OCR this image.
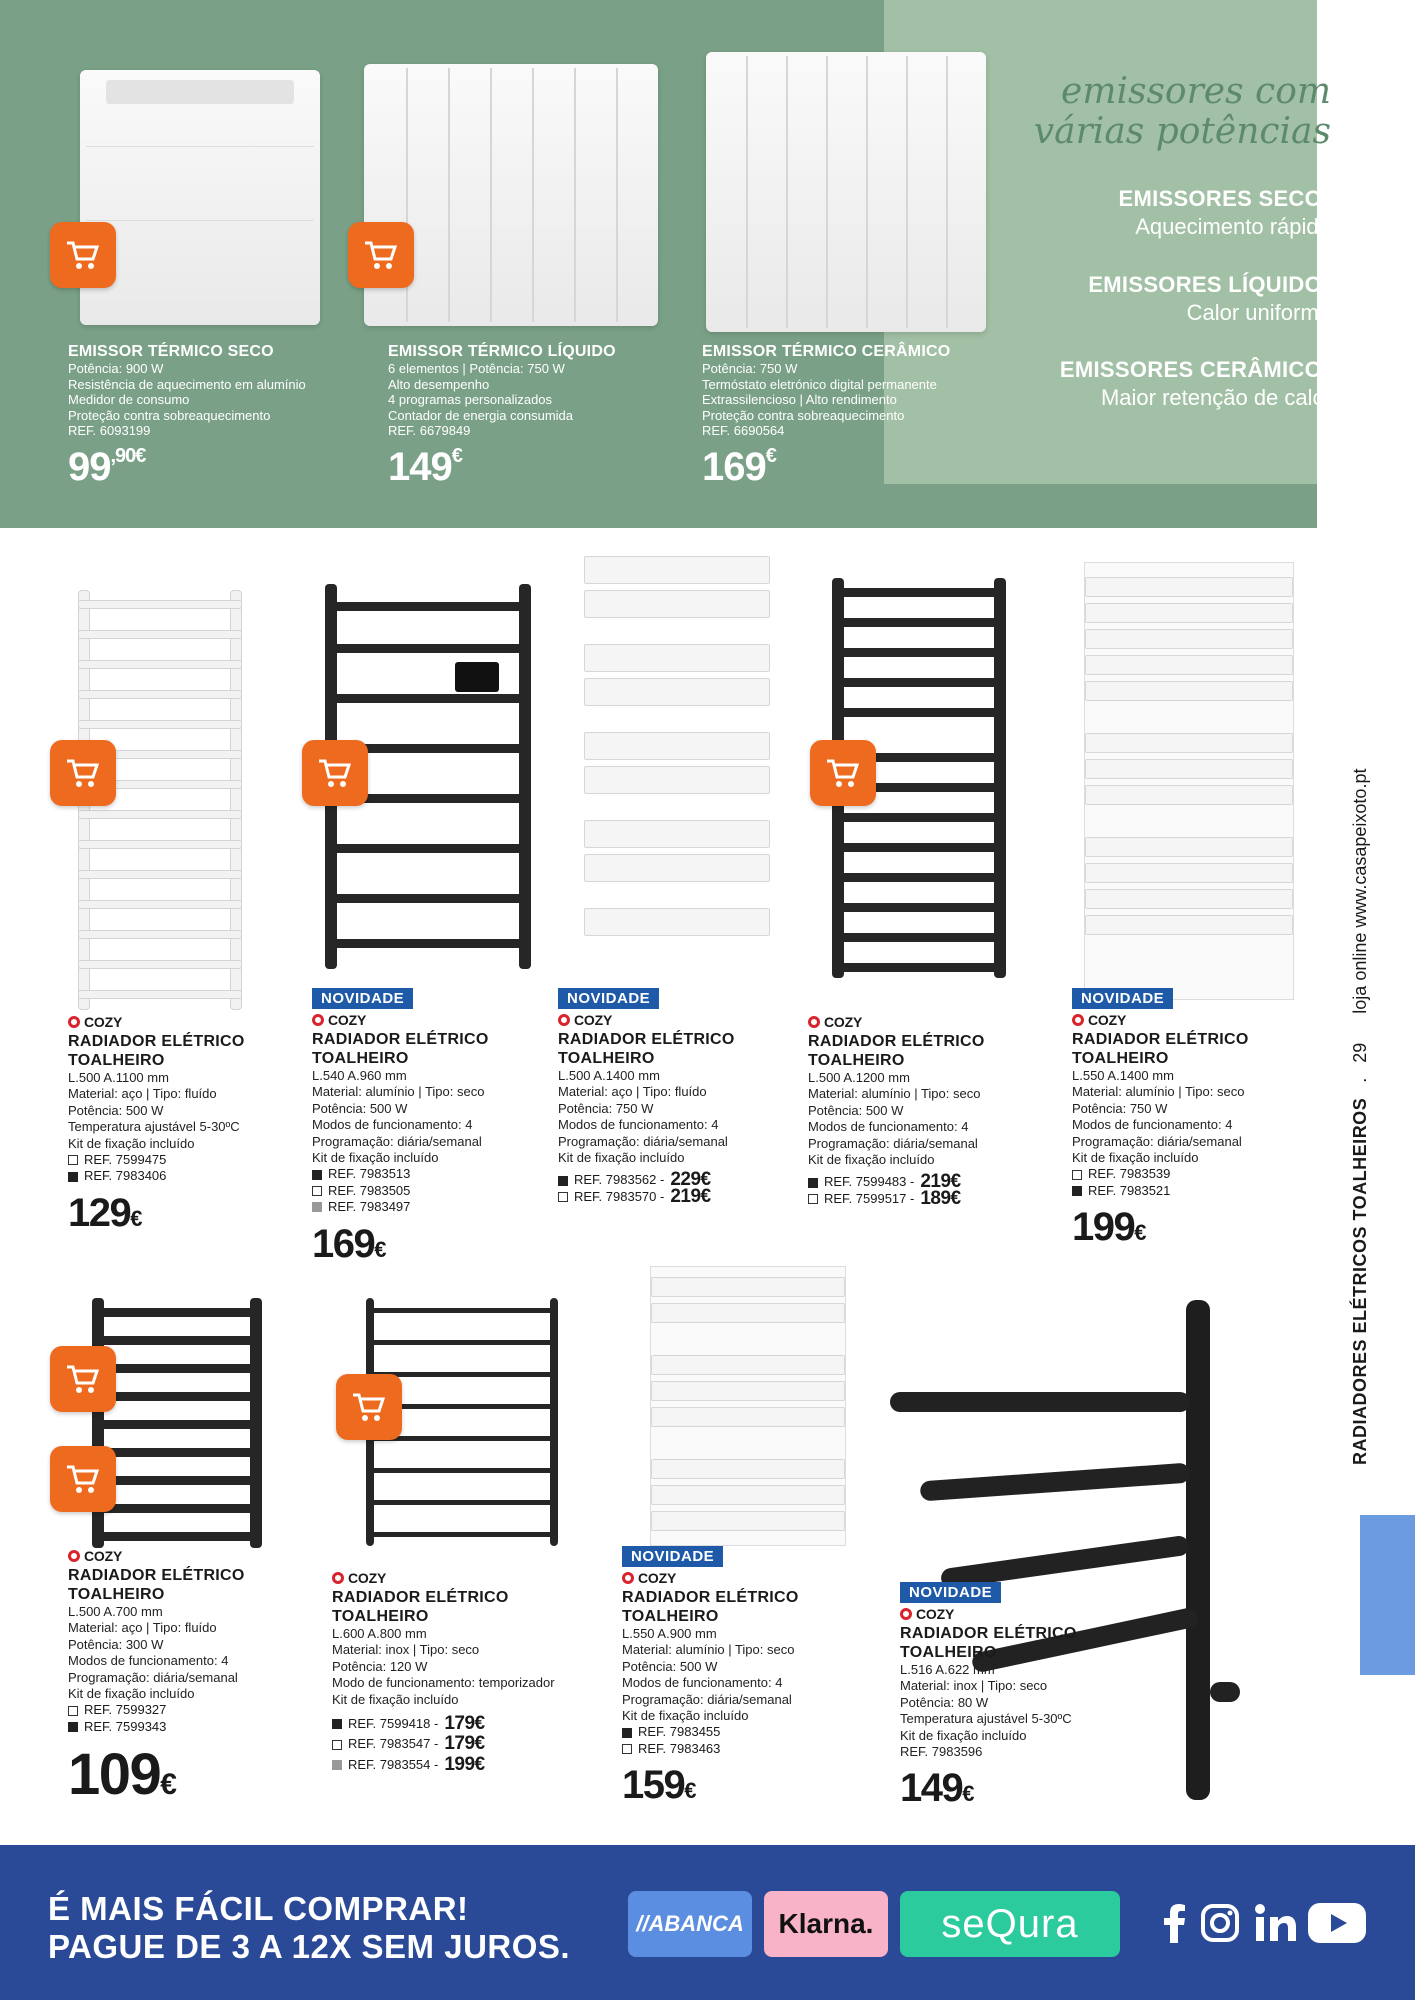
emissores com
várias potências
EMISSORES SECOS
Aquecimento rápido;
EMISSORES LÍQUIDOS
Calor uniforme;
EMISSORES CERÂMICOS
Maior retenção de calor.
EMISSOR TÉRMICO SECO
Potência: 900 W
Resistência de aquecimento em alumínio
Medidor de consumo
Proteção contra sobreaquecimento
REF. 6093199
$99^{,90€}$
EMISSOR TÉRMICO LÍQUIDO
6 elementos | Potência: 750 W
Alto desempenho
4 programas personalizados
Contador de energia consumida
REF. 6679849
149€
EMISSOR TÉRMICO CERÂMICO
Potência: 750 W
Termóstato eletrónico digital permanente
Extrassilencioso | Alto rendimento
Proteção contra sobreaquecimento
REF. 6690564
169€
COZY
RADIADOR ELÉTRICO
TOALHEIRO
L.500 A.1100 mm
Material: aço | Tipo: fluído
Potência: 500 W
Temperatura ajustável 5-30ºC
Kit de fixação incluído
REF. 7599475
REF. 7983406
129€
NOVIDADE
COZY
RADIADOR ELÉTRICO
TOALHEIRO
L.540 A.960 mm
Material: alumínio | Tipo: seco
Potência: 500 W
Modos de funcionamento: 4
Programação: diária/semanal
Kit de fixação incluído
REF. 7983513
REF. 7983505
REF. 7983497
169€
NOVIDADE
COZY
RADIADOR ELÉTRICO
TOALHEIRO
L.500 A.1400 mm
Material: aço | Tipo: fluído
Potência: 750 W
Modos de funcionamento: 4
Programação: diária/semanal
Kit de fixação incluído
REF. 7983562 - 229€
REF. 7983570 - 219€
COZY
RADIADOR ELÉTRICO
TOALHEIRO
L.500 A.1200 mm
Material: alumínio | Tipo: seco
Potência: 500 W
Modos de funcionamento: 4
Programação: diária/semanal
Kit de fixação incluído
REF. 7599483 - 219€
REF. 7599517 - 189€
NOVIDADE
COZY
RADIADOR ELÉTRICO
TOALHEIRO
L.550 A.1400 mm
Material: alumínio | Tipo: seco
Potência: 750 W
Modos de funcionamento: 4
Programação: diária/semanal
Kit de fixação incluído
REF. 7983539
REF. 7983521
199€
COZY
RADIADOR ELÉTRICO
TOALHEIRO
L.500 A.700 mm
Material: aço | Tipo: fluído
Potência: 300 W
Modos de funcionamento: 4
Programação: diária/semanal
Kit de fixação incluído
REF. 7599327
REF. 7599343
109€
COZY
RADIADOR ELÉTRICO
TOALHEIRO
L.600 A.800 mm
Material: inox | Tipo: seco
Potência: 120 W
Modo de funcionamento: temporizador
Kit de fixação incluído
REF. 7599418 - 179€
REF. 7983547 - 179€
REF. 7983554 - 199€
NOVIDADE
COZY
RADIADOR ELÉTRICO
TOALHEIRO
L.550 A.900 mm
Material: alumínio | Tipo: seco
Potência: 500 W
Modos de funcionamento: 4
Programação: diária/semanal
Kit de fixação incluído
REF. 7983455
REF. 7983463
159€
NOVIDADE
COZY
RADIADOR ELÉTRICO
TOALHEIRO
L.516 A.622 mm
Material: inox | Tipo: seco
Potência: 80 W
Temperatura ajustável 5-30ºC
Kit de fixação incluído
REF. 7983596
149€
RADIADORES ELÉTRICOS TOALHEIROS . 29 loja online www.casapeixoto.pt
É MAIS FÁCIL COMPRAR!
PAGUE DE 3 A 12X SEM JUROS.
//ABANCA Klarna. seQura
